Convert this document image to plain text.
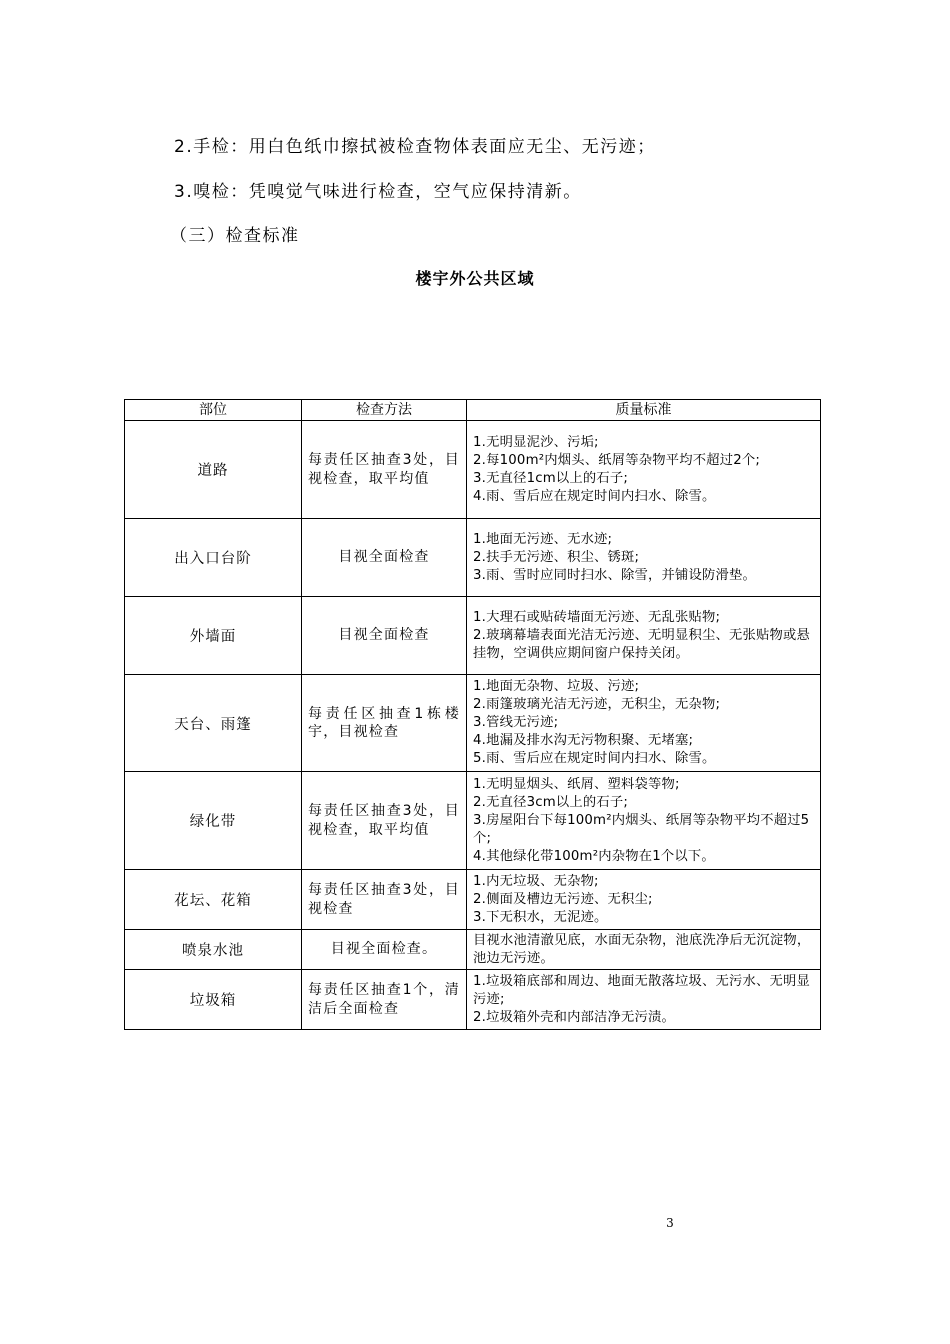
2.手检：用白色纸巾擦拭被检查物体表面应无尘、无污迹；
3.嗅检：凭嗅觉气味进行检查，空气应保持清新。
（三）检查标准
楼宇外公共区域
部位	检查方法	质量标准
道路	每责任区抽查3处，目视检查，取平均值	1.无明显泥沙、污垢;
2.每100m²内烟头、纸屑等杂物平均不超过2个;
3.无直径1cm以上的石子;
4.雨、雪后应在规定时间内扫水、除雪。

出入口台阶	目视全面检查	1.地面无污迹、无水迹;
2.扶手无污迹、积尘、锈斑;
3.雨、雪时应同时扫水、除雪，并铺设防滑垫。

外墙面	目视全面检查	1.大理石或贴砖墙面无污迹、无乱张贴物;
2.玻璃幕墙表面光洁无污迹、无明显积尘、无张贴物或悬挂物，空调供应期间窗户保持关闭。

天台、雨篷	每责任区抽查1栋楼宇，目视检查	1.地面无杂物、垃圾、污迹;
2.雨篷玻璃光洁无污迹，无积尘，无杂物;
3.管线无污迹;
4.地漏及排水沟无污物积聚、无堵塞;
5.雨、雪后应在规定时间内扫水、除雪。

绿化带	每责任区抽查3处，目视检查，取平均值	1.无明显烟头、纸屑、塑料袋等物;
2.无直径3cm以上的石子;
3.房屋阳台下每100m²内烟头、纸屑等杂物平均不超过5个;
4.其他绿化带100m²内杂物在1个以下。

花坛、花箱	每责任区抽查3处，目视检查	1.内无垃圾、无杂物;
2.侧面及槽边无污迹、无积尘;
3.下无积水，无泥迹。

喷泉水池	目视全面检查。	目视水池清澈见底，水面无杂物，池底洗净后无沉淀物，池边无污迹。

垃圾箱	每责任区抽查1个，清洁后全面检查	1.垃圾箱底部和周边、地面无散落垃圾、无污水、无明显污迹;
2.垃圾箱外壳和内部洁净无污渍。
3
